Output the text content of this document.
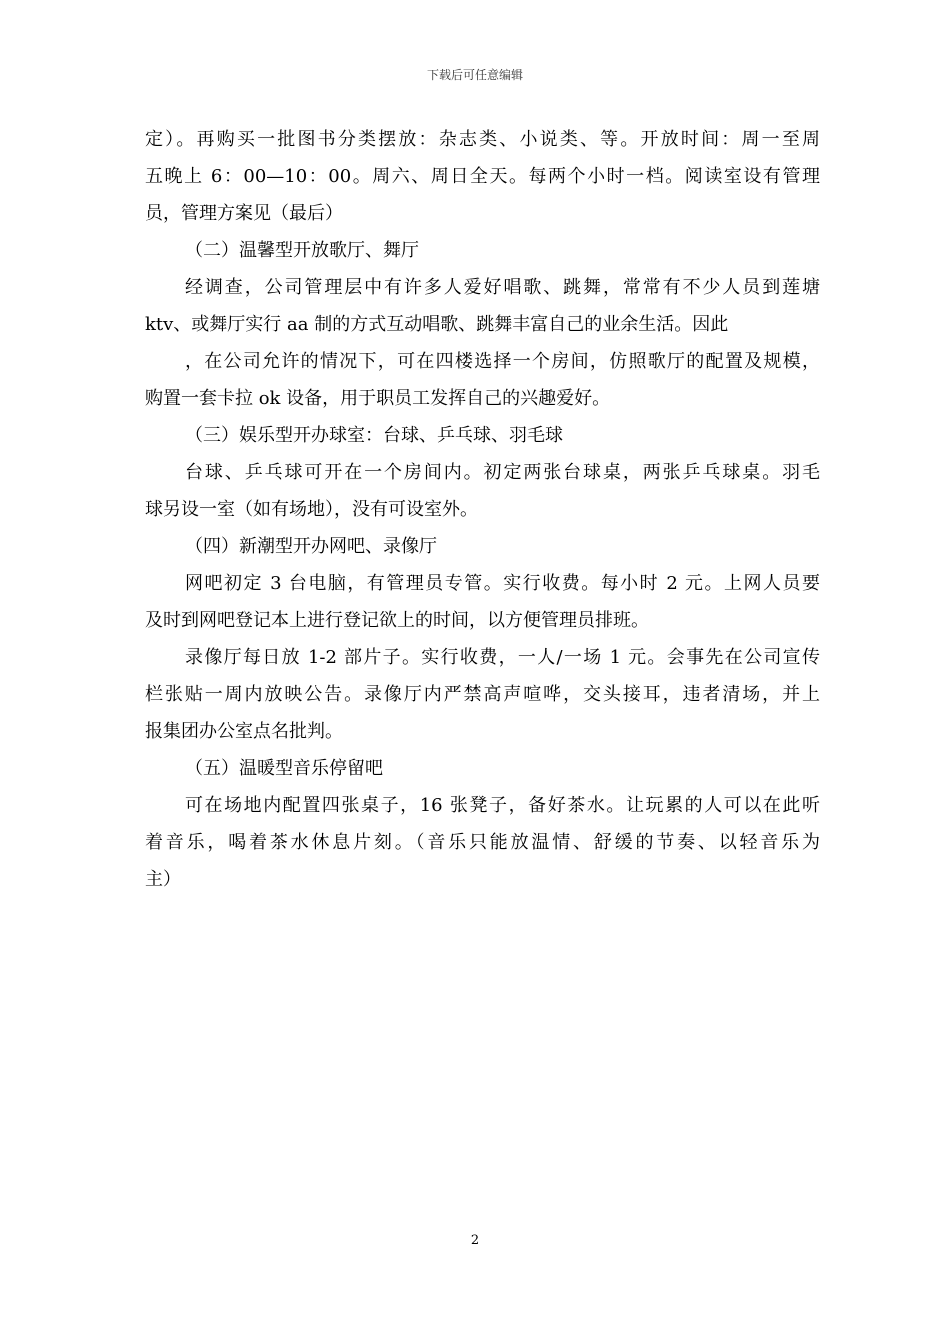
下载后可任意编辑
定）。再购买一批图书分类摆放：杂志类、小说类、等。开放时间：周一至周
五晚上 6：00—10：00。周六、周日全天。每两个小时一档。阅读室设有管理
员，管理方案见（最后）
（二）温馨型开放歌厅、舞厅
经调查，公司管理层中有许多人爱好唱歌、跳舞，常常有不少人员到莲塘
ktv、或舞厅实行 aa 制的方式互动唱歌、跳舞丰富自己的业余生活。因此
，在公司允许的情况下，可在四楼选择一个房间，仿照歌厅的配置及规模，
购置一套卡拉 ok 设备，用于职员工发挥自己的兴趣爱好。
（三）娱乐型开办球室：台球、乒乓球、羽毛球
台球、乒乓球可开在一个房间内。初定两张台球桌，两张乒乓球桌。羽毛
球另设一室（如有场地），没有可设室外。
（四）新潮型开办网吧、录像厅
网吧初定 3 台电脑，有管理员专管。实行收费。每小时 2 元。上网人员要
及时到网吧登记本上进行登记欲上的时间，以方便管理员排班。
录像厅每日放 1-2 部片子。实行收费，一人/一场 1 元。会事先在公司宣传
栏张贴一周内放映公告。录像厅内严禁高声喧哗，交头接耳，违者清场，并上
报集团办公室点名批判。
（五）温暖型音乐停留吧
可在场地内配置四张桌子，16 张凳子，备好茶水。让玩累的人可以在此听
着音乐，喝着茶水休息片刻。（音乐只能放温情、舒缓的节奏、以轻音乐为
主）
2
